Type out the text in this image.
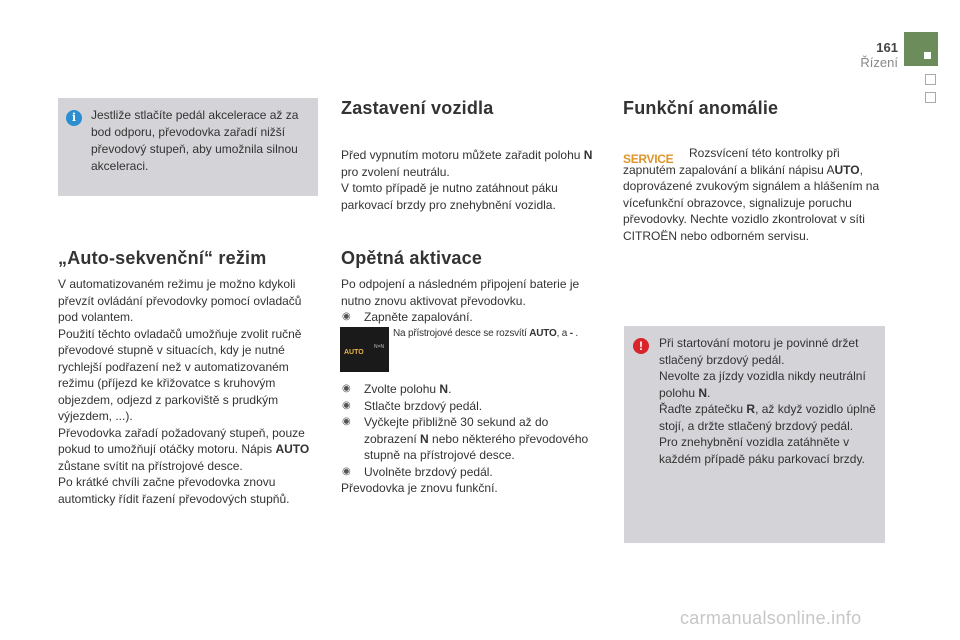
161
Řízení
i	Jestliže stlačíte pedál akcelerace až za bod odporu, převodovka zařadí nižší převodový stupeň, aby umožnila silnou akceleraci.
„Auto-sekvenční“ režim
V automatizovaném režimu je možno kdykoli převzít ovládání převodovky pomocí ovladačů pod volantem.
Použití těchto ovladačů umožňuje zvolit ručně převodové stupně v situacích, kdy je nutné rychlejší podřazení než v automatizovaném režimu (příjezd ke křižovatce s kruhovým objezdem, odjezd z parkoviště s prudkým výjezdem, ...).
Převodovka zařadí požadovaný stupeň, pouze pokud to umožňují otáčky motoru. Nápis AUTO zůstane svítit na přístrojové desce.
Po krátké chvíli začne převodovka znovu automticky řídit řazení převodových stupňů.
Zastavení vozidla
Před vypnutím motoru můžete zařadit polohu N pro zvolení neutrálu.
V tomto případě je nutno zatáhnout páku parkovací brzdy pro znehybnění vozidla.
Opětná aktivace
Po odpojení a následném připojení baterie je nutno znovu aktivovat převodovku.
◉ Zapněte zapalování.
AUTO
N=N
Na přístrojové desce se rozsvítí AUTO, a - .
◉ Zvolte polohu N.
◉ Stlačte brzdový pedál.
◉ Vyčkejte přibližně 30 sekund až do zobrazení N nebo některého převodového stupně na přístrojové desce.
◉ Uvolněte brzdový pedál.
Převodovka je znovu funkční.
Funkční anomálie
SERVICE	Rozsvícení této kontrolky při zapnutém zapalování a blikání nápisu AUTO, doprovázené zvukovým signálem a hlášením na vícefunkční obrazovce, signalizuje poruchu převodovky. Nechte vozidlo zkontrolovat v síti CITROËN nebo odborném servisu.
!	Při startování motoru je povinné držet stlačený brzdový pedál.
Nevolte za jízdy vozidla nikdy neutrální polohu N.
Řaďte zpátečku R, až když vozidlo úplně stojí, a držte stlačený brzdový pedál.
Pro znehybnění vozidla zatáhněte v každém případě páku parkovací brzdy.
carmanualsonline.info
